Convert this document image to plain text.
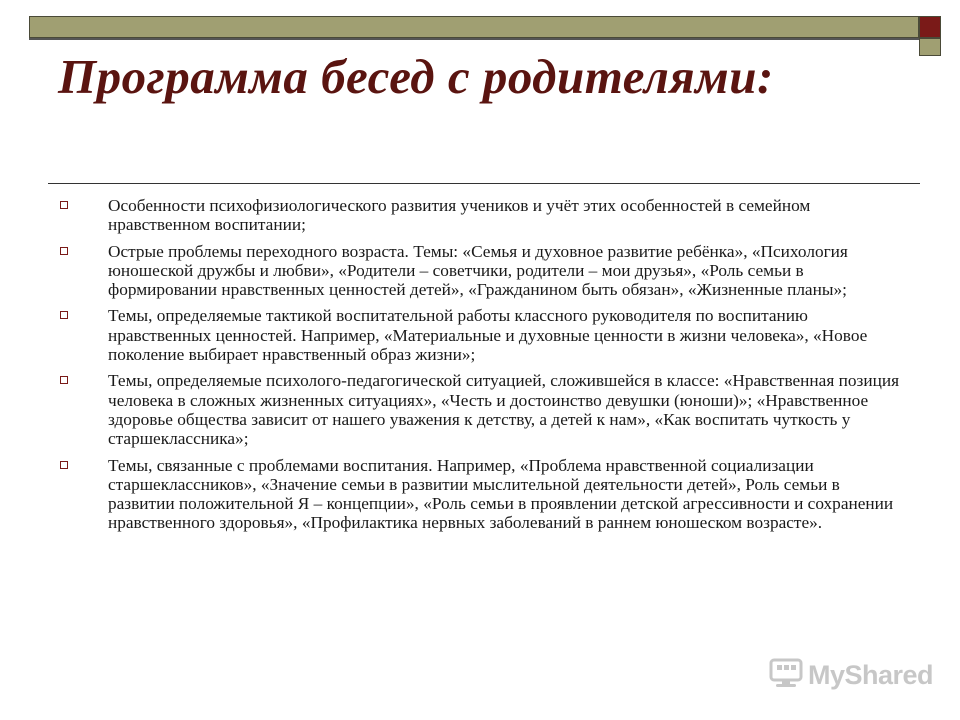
Программа бесед с родителями:
Особенности психофизиологического развития учеников и учёт этих особенностей в семейном нравственном воспитании;
Острые проблемы переходного возраста. Темы: «Семья и духовное развитие ребёнка», «Психология юношеской дружбы и любви», «Родители – советчики, родители – мои друзья», «Роль семьи в формировании нравственных ценностей детей», «Гражданином быть обязан», «Жизненные планы»;
Темы, определяемые тактикой воспитательной работы классного руководителя по воспитанию нравственных ценностей. Например, «Материальные и духовные ценности в жизни человека», «Новое поколение выбирает нравственный образ жизни»;
Темы, определяемые психолого-педагогической ситуацией, сложившейся в классе: «Нравственная позиция человека в сложных жизненных ситуациях», «Честь и достоинство девушки (юноши)»; «Нравственное здоровье общества зависит от нашего уважения к детству, а детей к нам», «Как воспитать чуткость у старшеклассника»;
Темы, связанные с проблемами воспитания. Например, «Проблема нравственной социализации старшеклассников», «Значение семьи в развитии мыслительной деятельности детей», Роль семьи в развитии положительной Я – концепции», «Роль семьи в проявлении детской агрессивности и сохранении нравственного здоровья», «Профилактика нервных заболеваний в раннем юношеском возрасте».
MyShared
